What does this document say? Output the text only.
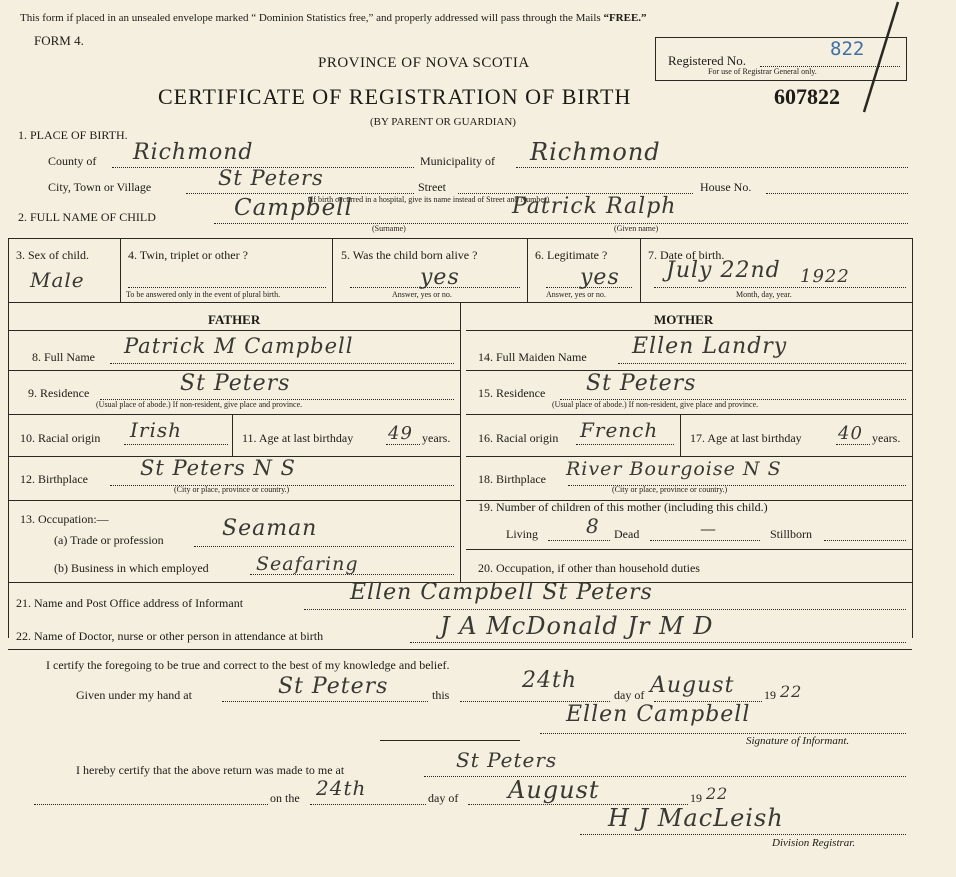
This form if placed in an unsealed envelope marked “ Dominion Statistics free,” and properly addressed will pass through the Mails “FREE.”
FORM 4.
PROVINCE OF NOVA SCOTIA
CERTIFICATE OF REGISTRATION OF BIRTH	607822
(BY PARENT OR GUARDIAN)
Registered No.
822
For use of Registrar General only.
1. PLACE OF BIRTH.
County of Richmond	Municipality of Richmond
City, Town or Village	St Peters	Street	House No.
(If birth occurred in a hospital, give its name instead of Street and Number)
2. FULL NAME OF CHILD	Campbell	Patrick Ralph
(Surname)	(Given name)
3. Sex of child.
Male
4. Twin, triplet or other ?
To be answered only in the event of plural birth.
5. Was the child born alive ?
yes
Answer, yes or no.
6. Legitimate ?
yes
Answer, yes or no.
7. Date of birth.
July 22nd 1922
Month, day, year.
FATHER	MOTHER
8. Full Name Patrick M Campbell
9. Residence	St Peters
(Usual place of abode.) If non-resident, give place and province.
10. Racial origin Irish	11. Age at last birthday 49 years.
12. Birthplace St Peters N S
(City or place, province or country.)
13. Occupation:—
(a) Trade or profession	Seaman
(b) Business in which employed Seafaring
14. Full Maiden Name Ellen Landry
15. Residence St Peters
(Usual place of abode.) If non-resident, give place and province.
16. Racial origin French	17. Age at last birthday 40 years.
18. Birthplace River Bourgoise N S
(City or place, province or country.)
19. Number of children of this mother (including this child.)
Living 8 Dead	—	Stillborn
20. Occupation, if other than household duties
21. Name and Post Office address of Informant	Ellen Campbell St Peters
22. Name of Doctor, nurse or other person in attendance at birth	J A McDonald Jr M D
I certify the foregoing to be true and correct to the best of my knowledge and belief.
Given under my hand at	St Peters	this
24th
day of August 19 22
Ellen Campbell
Signature of Informant.
I hereby certify that the above return was made to me at	St Peters
on the 24th	day of August	19 22
H J MacLeish
Division Registrar.
